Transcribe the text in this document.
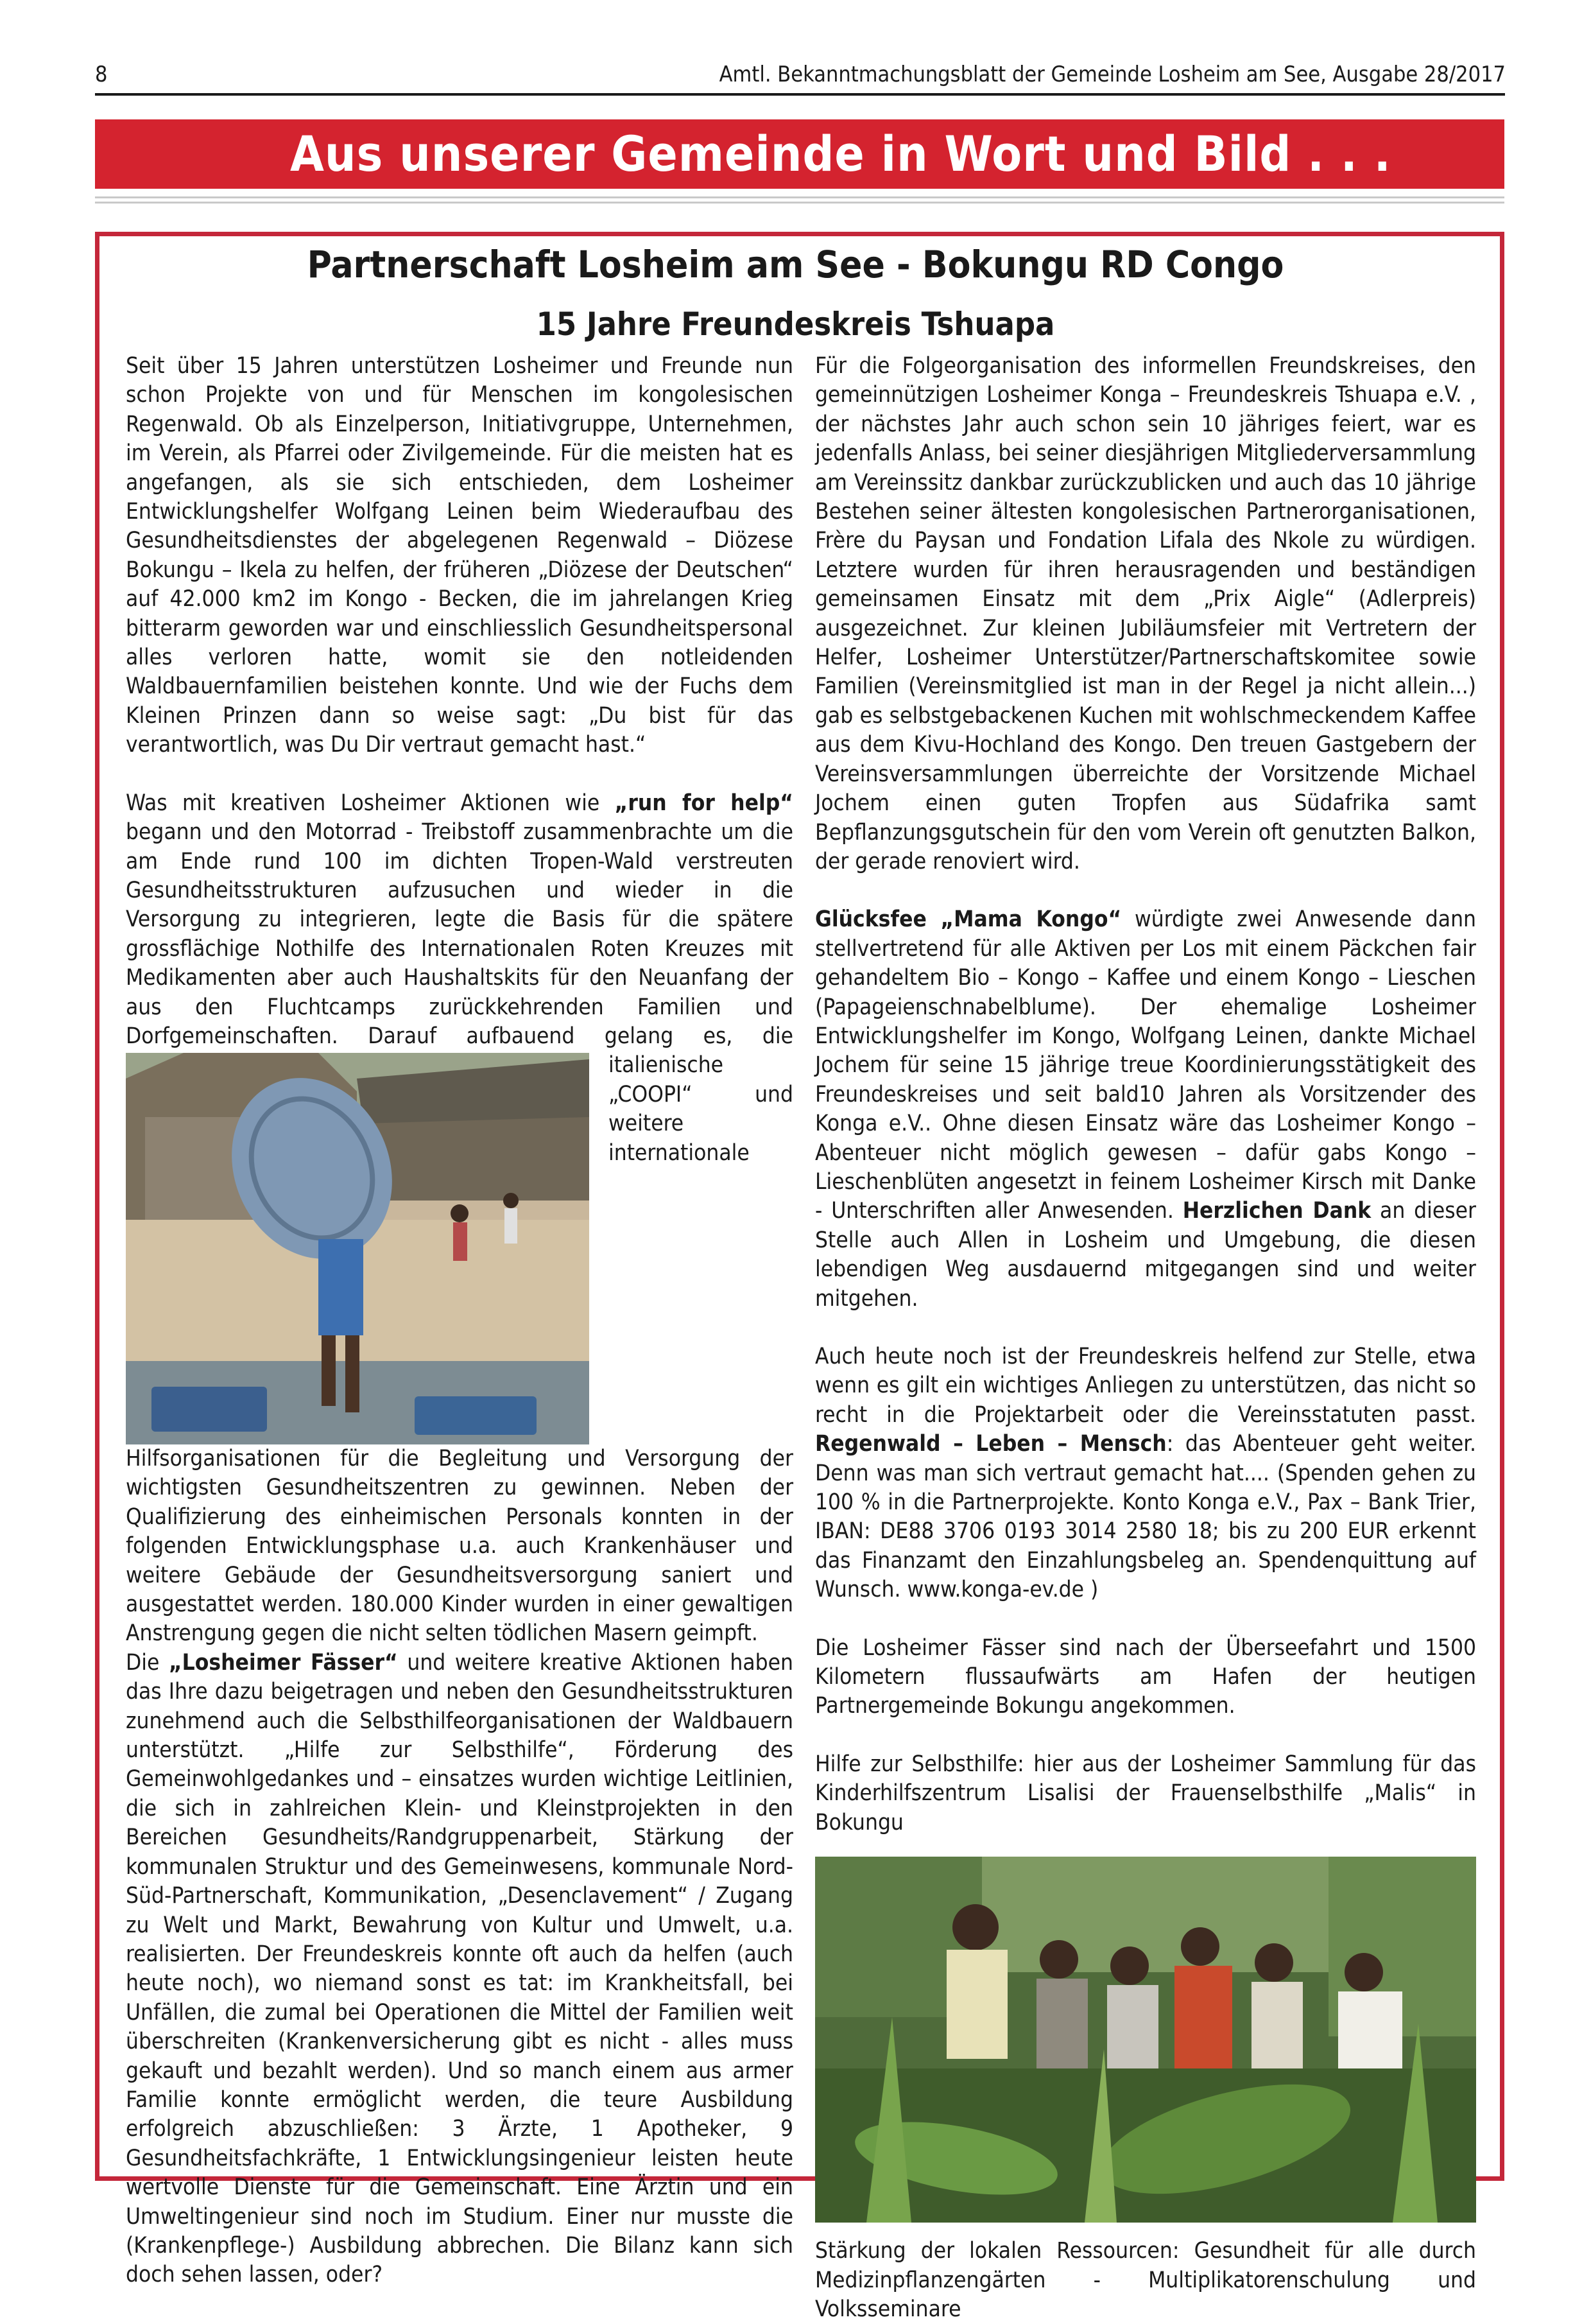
8	Amtl. Bekanntmachungsblatt der Gemeinde Losheim am See, Ausgabe 28/2017
Aus unserer Gemeinde in Wort und Bild . . .
Partnerschaft Losheim am See - Bokungu RD Congo
15 Jahre Freundeskreis Tshuapa

Seit über 15 Jahren unterstützen Losheimer und Freunde nun schon Projekte von und für Menschen im kongolesischen Regenwald. Ob als Einzelperson, Initiativgruppe, Unternehmen, im Verein, als Pfarrei oder Zivilgemeinde. Für die meisten hat es angefangen, als sie sich entschieden, dem Losheimer Entwicklungshelfer Wolfgang Leinen beim Wiederaufbau des Gesundheitsdienstes der abgelegenen Regenwald – Diözese Bokungu – Ikela zu helfen, der früheren „Diözese der Deutschen“ auf 42.000 km2 im Kongo - Becken, die im jahrelangen Krieg bitterarm geworden war und einschliesslich Gesundheitspersonal alles verloren hatte, womit sie den notleidenden Waldbauernfamilien beistehen konnte. Und wie der Fuchs dem Kleinen Prinzen dann so weise sagt: „Du bist für das verantwortlich, was Du Dir vertraut gemacht hast.“

Was mit kreativen Losheimer Aktionen wie „run for help“ begann und den Motorrad - Treibstoff zusammenbrachte um die am Ende rund 100 im dichten Tropen-Wald verstreuten Gesundheitsstrukturen aufzusuchen und wieder in die Versorgung zu integrieren, legte die Basis für die spätere grossflächige Nothilfe des Internationalen Roten Kreuzes mit Medikamenten aber auch Haushaltskits für den Neuanfang der aus den Fluchtcamps zurückkehrenden Familien und Dorfgemeinschaften. Darauf aufbauend gelang es, die italienische „COOPI“ und weitere internationale Hilfsorganisationen für die Begleitung und Versorgung der wichtigsten Gesundheitszentren zu gewinnen. Neben der Qualifizierung des einheimischen Personals konnten in der folgenden Entwicklungsphase u.a. auch Krankenhäuser und weitere Gebäude der Gesundheitsversorgung saniert und ausgestattet werden. 180.000 Kinder wurden in einer gewaltigen Anstrengung gegen die nicht selten tödlichen Masern geimpft.

Die „Losheimer Fässer“ und weitere kreative Aktionen haben das Ihre dazu beigetragen und neben den Gesundheitsstrukturen zunehmend auch die Selbsthilfeorganisationen der Waldbauern unterstützt. „Hilfe zur Selbsthilfe“, Förderung des Gemeinwohlgedankes und – einsatzes wurden wichtige Leitlinien, die sich in zahlreichen Klein- und Kleinstprojekten in den Bereichen Gesundheits/Randgruppenarbeit, Stärkung der kommunalen Struktur und des Gemeinwesens, kommunale Nord-Süd-Partnerschaft, Kommunikation, „Desenclavement“ / Zugang zu Welt und Markt, Bewahrung von Kultur und Umwelt, u.a. realisierten. Der Freundeskreis konnte oft auch da helfen (auch heute noch), wo niemand sonst es tat: im Krankheitsfall, bei Unfällen, die zumal bei Operationen die Mittel der Familien weit überschreiten (Krankenversicherung gibt es nicht - alles muss gekauft und bezahlt werden). Und so manch einem aus armer Familie konnte ermöglicht werden, die teure Ausbildung erfolgreich abzuschließen: 3 Ärzte, 1 Apotheker, 9 Gesundheitsfachkräfte, 1 Entwicklungsingenieur leisten heute wertvolle Dienste für die Gemeinschaft. Eine Ärztin und ein Umweltingenieur sind noch im Studium. Einer nur musste die (Krankenpflege-) Ausbildung abbrechen. Die Bilanz kann sich doch sehen lassen, oder?

Für die Folgeorganisation des informellen Freundskreises, den gemeinnützigen Losheimer Konga – Freundeskreis Tshuapa e.V. , der nächstes Jahr auch schon sein 10 jähriges feiert, war es jedenfalls Anlass, bei seiner diesjährigen Mitgliederversammlung am Vereinssitz dankbar zurückzublicken und auch das 10 jährige Bestehen seiner ältesten kongolesischen Partnerorganisationen, Frère du Paysan und Fondation Lifala des Nkole zu würdigen. Letztere wurden für ihren herausragenden und beständigen gemeinsamen Einsatz mit dem „Prix Aigle“ (Adlerpreis) ausgezeichnet. Zur kleinen Jubiläumsfeier mit Vertretern der Helfer, Losheimer Unterstützer/Partnerschaftskomitee sowie Familien (Vereinsmitglied ist man in der Regel ja nicht allein...) gab es selbstgebackenen Kuchen mit wohlschmeckendem Kaffee aus dem Kivu-Hochland des Kongo. Den treuen Gastgebern der Vereinsversammlungen überreichte der Vorsitzende Michael Jochem einen guten Tropfen aus Südafrika samt Bepflanzungsgutschein für den vom Verein oft genutzten Balkon, der gerade renoviert wird.

Glücksfee „Mama Kongo“ würdigte zwei Anwesende dann stellvertretend für alle Aktiven per Los mit einem Päckchen fair gehandeltem Bio – Kongo – Kaffee und einem Kongo – Lieschen (Papageienschnabelblume). Der ehemalige Losheimer Entwicklungshelfer im Kongo, Wolfgang Leinen, dankte Michael Jochem für seine 15 jährige treue Koordinierungsstätigkeit des Freundeskreises und seit bald10 Jahren als Vorsitzender des Konga e.V.. Ohne diesen Einsatz wäre das Losheimer Kongo – Abenteuer nicht möglich gewesen – dafür gabs Kongo – Lieschenblüten angesetzt in feinem Losheimer Kirsch mit Danke - Unterschriften aller Anwesenden. Herzlichen Dank an dieser Stelle auch Allen in Losheim und Umgebung, die diesen lebendigen Weg ausdauernd mitgegangen sind und weiter mitgehen.

Auch heute noch ist der Freundeskreis helfend zur Stelle, etwa wenn es gilt ein wichtiges Anliegen zu unterstützen, das nicht so recht in die Projektarbeit oder die Vereinsstatuten passt. Regenwald – Leben – Mensch: das Abenteuer geht weiter. Denn was man sich vertraut gemacht hat.... (Spenden gehen zu 100 % in die Partnerprojekte. Konto Konga e.V., Pax – Bank Trier, IBAN: DE88 3706 0193 3014 2580 18; bis zu 200 EUR erkennt das Finanzamt den Einzahlungsbeleg an. Spendenquittung auf Wunsch. www.konga-ev.de )

Die Losheimer Fässer sind nach der Überseefahrt und 1500 Kilometern flussaufwärts am Hafen der heutigen Partnergemeinde Bokungu angekommen.

Hilfe zur Selbsthilfe: hier aus der Losheimer Sammlung für das Kinderhilfszentrum Lisalisi der Frauenselbsthilfe „Malis“ in Bokungu

Stärkung der lokalen Ressourcen: Gesundheit für alle durch Medizinpflanzengärten - Multiplikatorenschulung und Volksseminare
